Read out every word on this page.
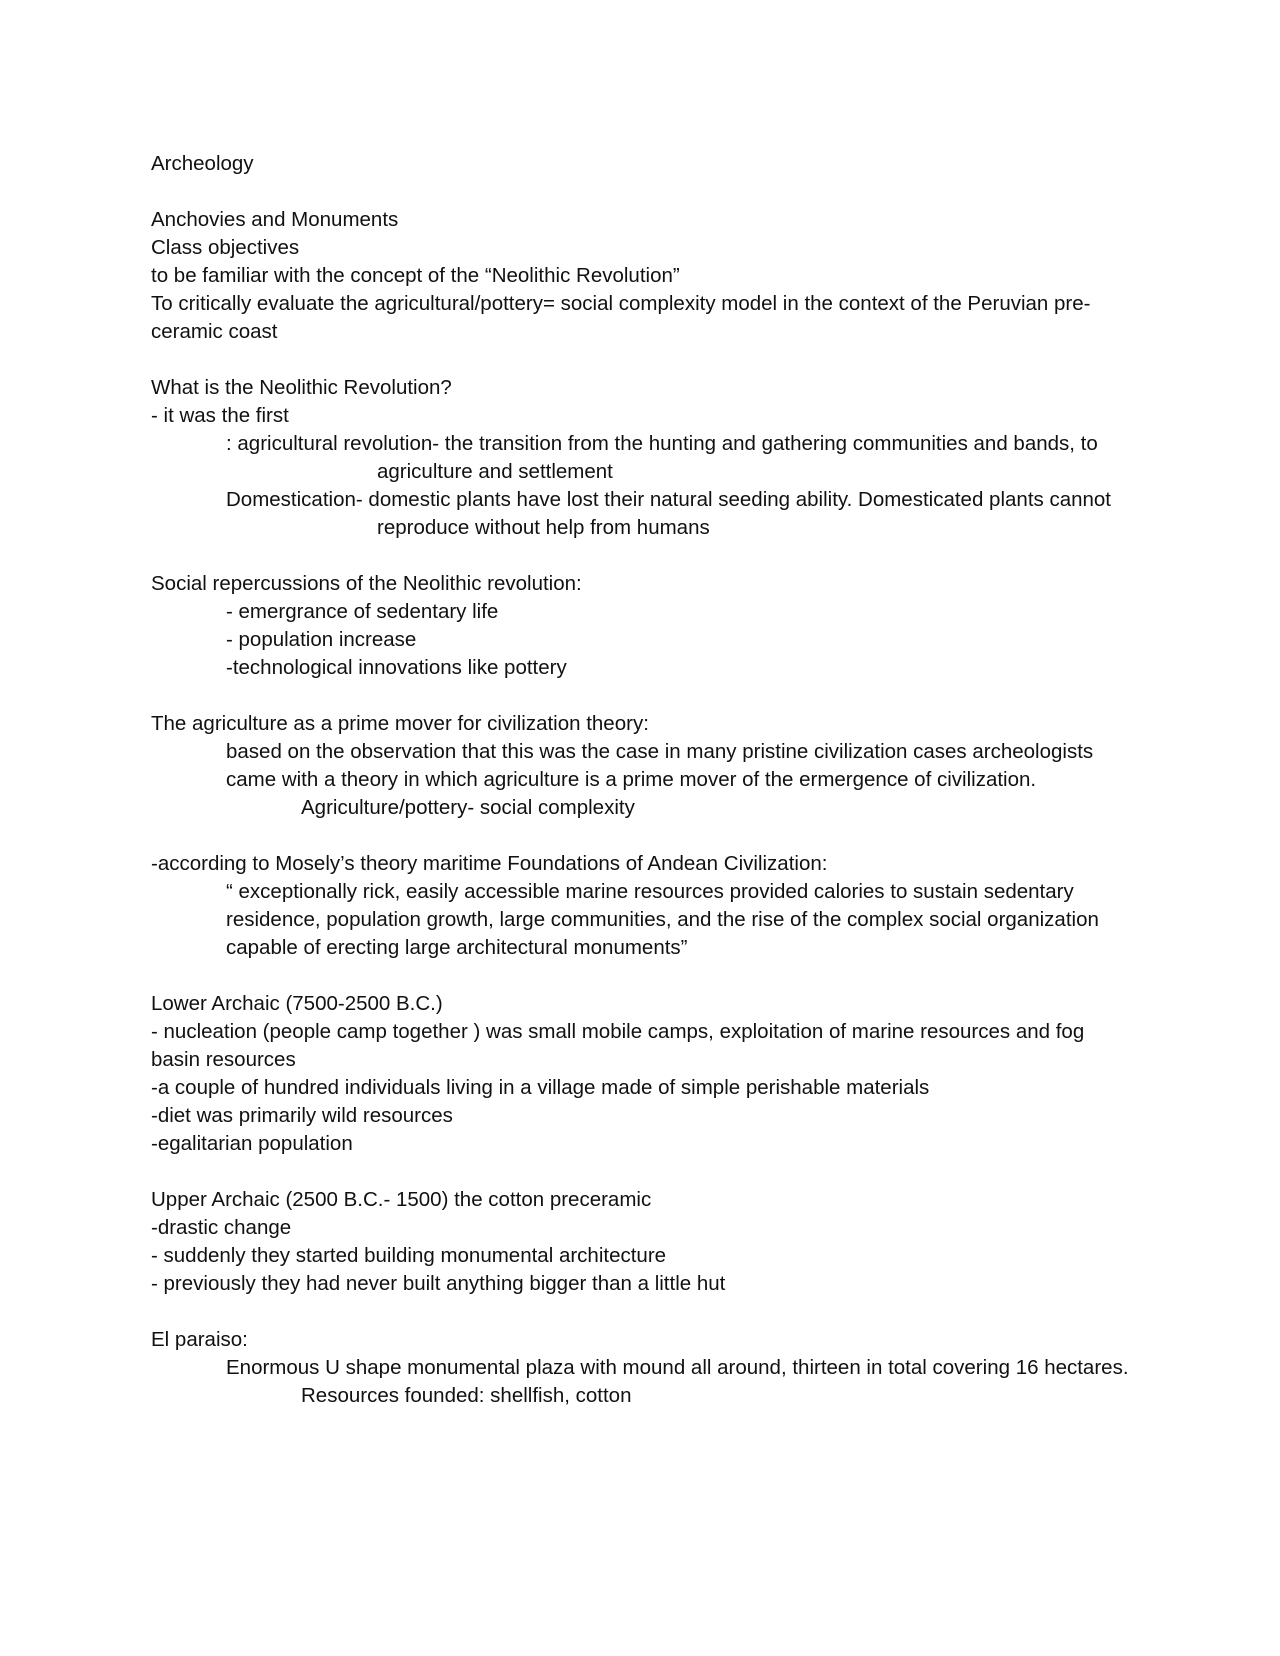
Archeology
Anchovies and Monuments
Class objectives
to be familiar with the concept of the “Neolithic Revolution”
To critically evaluate the agricultural/pottery= social complexity model in the context of the Peruvian pre-ceramic coast
What is the Neolithic Revolution?
- it was the first
: agricultural revolution- the transition from the hunting and gathering communities and bands, to agriculture and settlement
Domestication- domestic plants have lost their natural seeding ability. Domesticated plants cannot reproduce without help from humans
Social repercussions of the Neolithic revolution:
- emergrance of sedentary life
- population increase
-technological innovations like pottery
The agriculture as a prime mover for civilization theory:
based on the observation that this was the case in many pristine civilization cases archeologists came with a theory in which agriculture is a prime mover of the ermergence of civilization.
Agriculture/pottery- social complexity
-according to Mosely’s theory maritime Foundations of Andean Civilization:
“ exceptionally rick, easily accessible marine resources provided calories to sustain sedentary residence, population growth, large communities, and the rise of the complex social organization capable of erecting large architectural monuments”
Lower Archaic (7500-2500 B.C.)
- nucleation (people camp together ) was small mobile camps, exploitation of marine resources and fog basin resources
-a couple of hundred individuals living in a village made of simple perishable materials
-diet was primarily wild resources
-egalitarian population
Upper Archaic (2500 B.C.- 1500) the cotton preceramic
-drastic change
- suddenly they started building monumental architecture
- previously they had never built anything bigger than a little hut
El paraiso:
Enormous U shape monumental plaza with mound all around, thirteen in total covering 16 hectares.
Resources founded: shellfish, cotton
